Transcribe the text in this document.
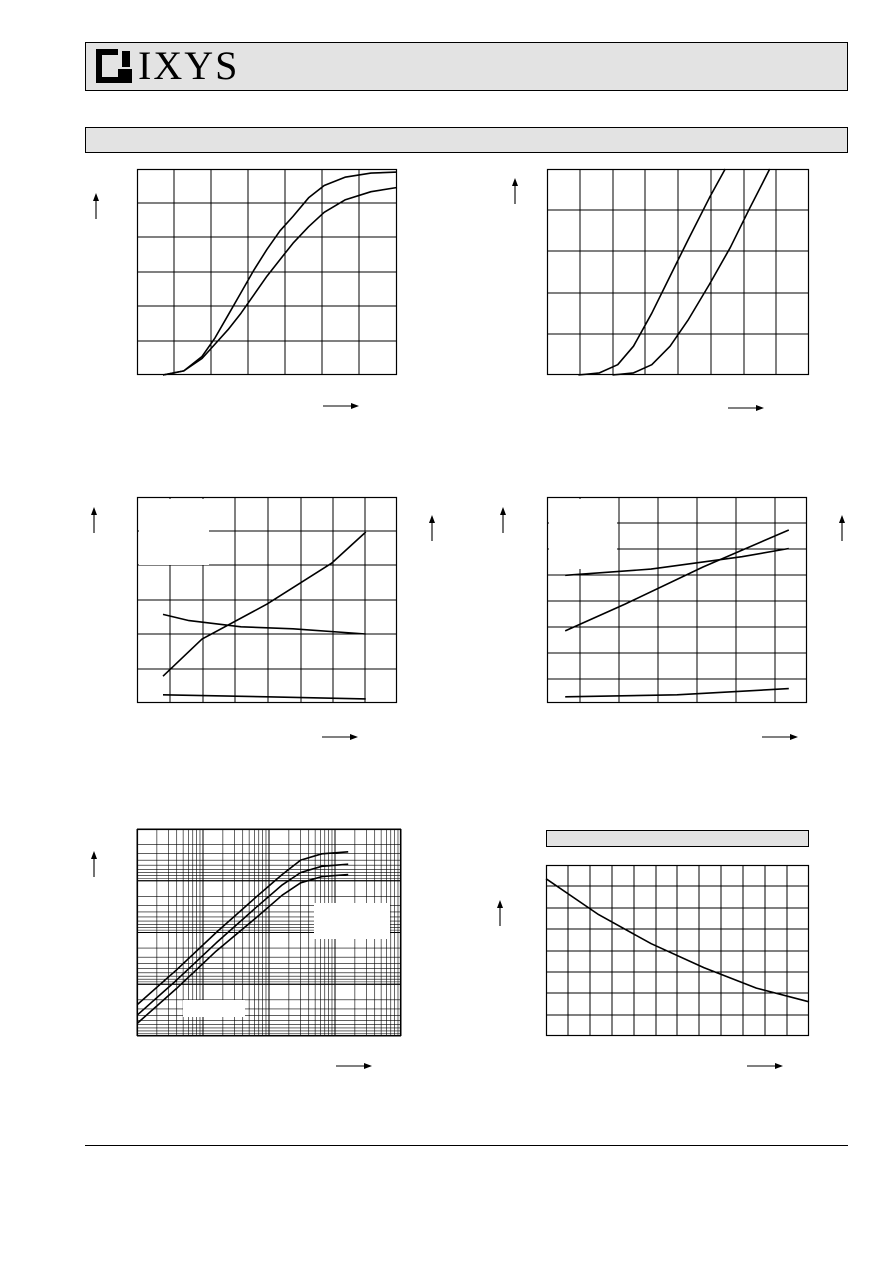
IXYS
